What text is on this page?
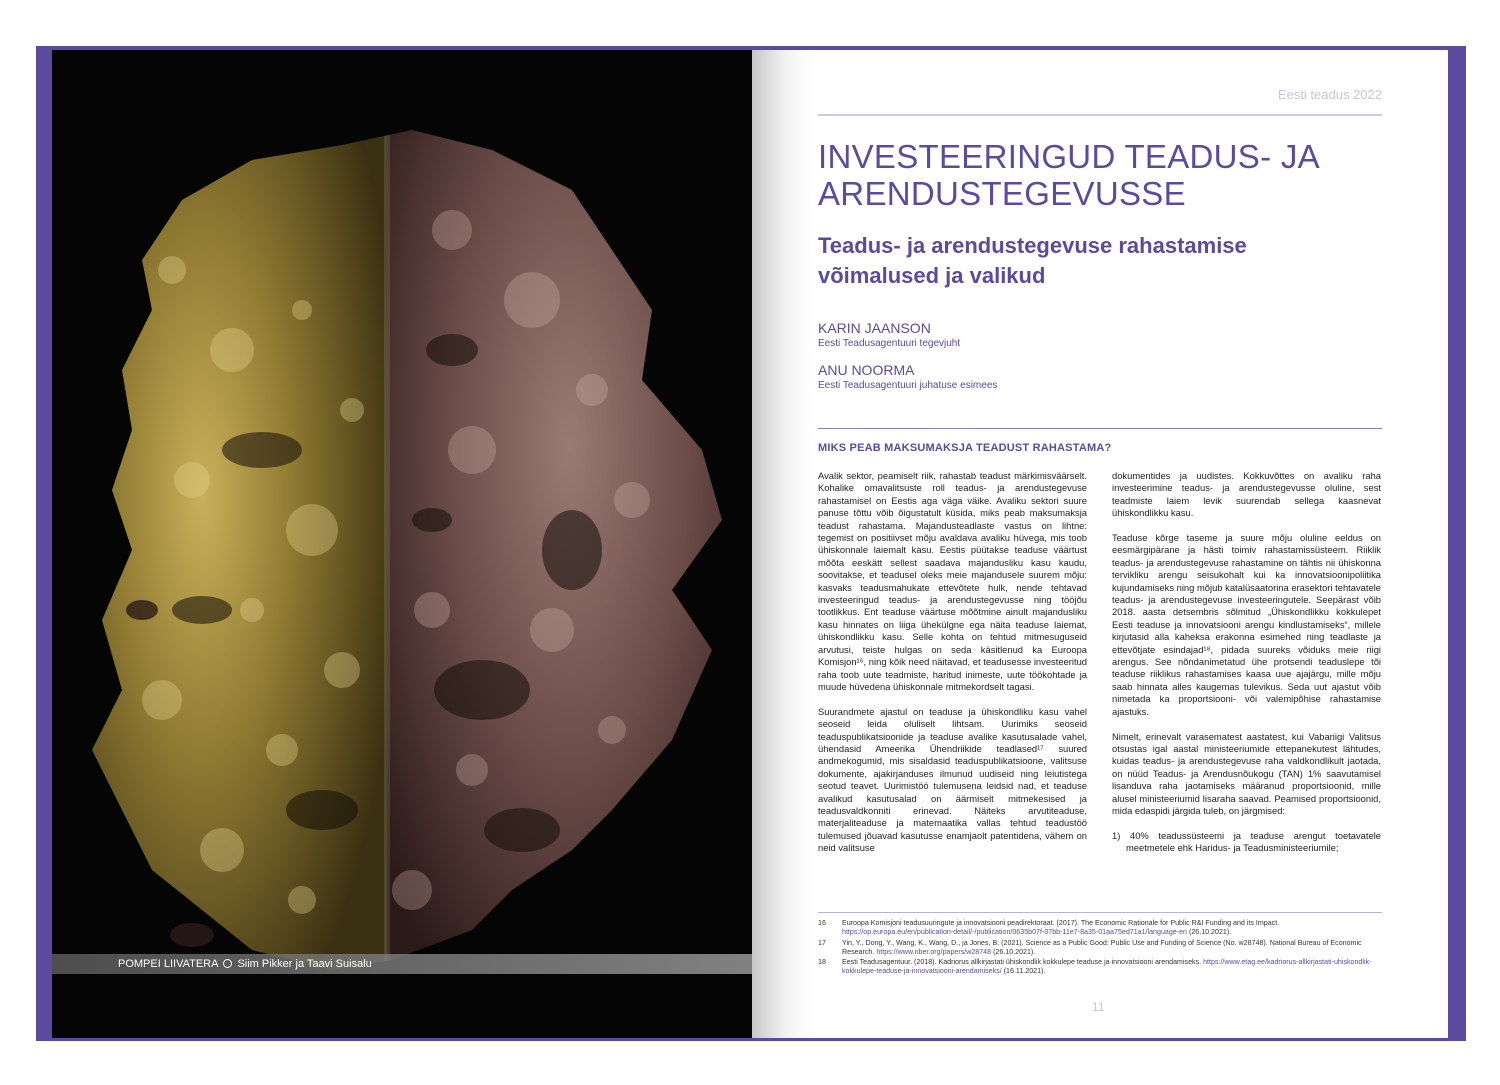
POMPEI LIIVATERA Siim Pikker ja Taavi Suisalu
Eesti teadus 2022
INVESTEERINGUD TEADUS- JA
ARENDUSTEGEVUSSE
Teadus- ja arendustegevuse rahastamise
võimalused ja valikud
KARIN JAANSON
Eesti Teadusagentuuri tegevjuht
ANU NOORMA
Eesti Teadusagentuuri juhatuse esimees
MIKS PEAB MAKSUMAKSJA TEADUST RAHASTAMA?

Avalik sektor, peamiselt riik, rahastab teadust märkimisväärselt. Kohalike omavalitsuste roll teadus- ja arendustegevuse rahastamisel on Eestis aga väga väike. Avaliku sektori suure panuse tõttu võib õigustatult küsida, miks peab maksumaksja teadust rahastama. Majandusteadlaste vastus on lihtne: tegemist on positiivset mõju avaldava avaliku hüvega, mis toob ühiskonnale laiemalt kasu. Eestis püütakse teaduse väärtust mõõta eeskätt sellest saadava majandusliku kasu kaudu, soovitakse, et teadusel oleks meie majandusele suurem mõju: kasvaks teadusmahukate ettevõtete hulk, nende tehtavad investeeringud teadus- ja arendustegevusse ning tööjõu tootlikkus. Ent teaduse väärtuse mõõtmine ainult majandusliku kasu hinnates on liiga ühekülgne ega näita teaduse laiemat, ühiskondlikku kasu. Selle kohta on tehtud mitmesuguseid arvutusi, teiste hulgas on seda käsitlenud ka Euroopa Komisjon¹⁶, ning kõik need näitavad, et teadusesse investeeritud raha toob uute teadmiste, haritud inimeste, uute töökohtade ja muude hüvedena ühiskonnale mitmekordselt tagasi.

Suurandmete ajastul on teaduse ja ühiskondliku kasu vahel seoseid leida oluliselt lihtsam. Uurimiks seoseid teaduspublikatsioonide ja teaduse avalike kasutusalade vahel, ühendasid Ameerika Ühendriikide teadlased¹⁷ suured andmekogumid, mis sisaldasid teaduspublikatsioone, valitsuse dokumente, ajakirjanduses ilmunud uudiseid ning leiutistega seotud teavet. Uurimistöö tulemusena leidsid nad, et teaduse avalikud kasutusalad on äärmiselt mitmekesised ja teadusvaldkonniti erinevad. Näiteks arvutiteaduse, materjaliteaduse ja matemaatika vallas tehtud teadustöö tulemused jõuavad kasutusse enamjaolt patentidena, vähem on neid valitsuse

dokumentides ja uudistes. Kokkuvõttes on avaliku raha investeerimine teadus- ja arendustegevusse oluline, sest teadmiste laiem levik suurendab sellega kaasnevat ühiskondlikku kasu.

Teaduse kõrge taseme ja suure mõju oluline eeldus on eesmärgipärane ja hästi toimiv rahastamissüsteem. Riiklik teadus- ja arendustegevuse rahastamine on tähtis nii ühiskonna tervikliku arengu seisukohalt kui ka innovatsioonipoliitika kujundamiseks ning mõjub katalüsaatorina erasektori tehtavatele teadus- ja arendustegevuse investeeringutele. Seepärast võib 2018. aasta detsembris sõlmitud „Ühiskondlikku kokkulepet Eesti teaduse ja innovatsiooni arengu kindlustamiseks“, millele kirjutasid alla kaheksa erakonna esimehed ning teadlaste ja ettevõtjate esindajad¹⁸, pidada suureks võiduks meie riigi arengus. See nõndanimetatud ühe protsendi teaduslepe tõi teaduse riiklikus rahastamises kaasa uue ajajärgu, mille mõju saab hinnata alles kaugemas tulevikus. Seda uut ajastut võib nimetada ka proportsiooni- või valemipõhise rahastamise ajastuks.

Nimelt, erinevalt varasematest aastatest, kui Vabariigi Valitsus otsustas igal aastal ministeeriumide ettepanekutest lähtudes, kuidas teadus- ja arendustegevuse raha valdkondlikult jaotada, on nüüd Teadus- ja Arendusnõukogu (TAN) 1% saavutamisel lisanduva raha jaotamiseks määranud proportsioonid, mille alusel ministeeriumid lisaraha saavad. Peamised proportsioonid, mida edaspidi järgida tuleb, on järgmised:

1) 40% teadussüsteemi ja teaduse arengut toetavatele meetmetele ehk Haridus- ja Teadusministeeriumile;

16	Euroopa Komisjoni teadusuuringute ja innovatsiooni peadirektoraat. (2017). The Economic Rationale for Public R&I Funding and its Impact. https://op.europa.eu/en/publication-detail/-/publication/0635b07f-07bb-11e7-8a35-01aa75ed71a1/language-en (26.10.2021).
17	Yin, Y., Dong, Y., Wang, K., Wang, D., ja Jones, B. (2021). Science as a Public Good: Public Use and Funding of Science (No. w28748). National Bureau of Economic Research. https://www.nber.org/papers/w28748 (26.10.2021).
18	Eesti Teadusagentuur. (2018). Kadriorus allkirjastati ühiskondlik kokkulepe teaduse ja innovatsiooni arendamiseks. https://www.etag.ee/kadriorus-allkirjastati-uhiskondlik-kokkulepe-teaduse-ja-innovatsiooni-arendamiseks/ (16.11.2021).
11
